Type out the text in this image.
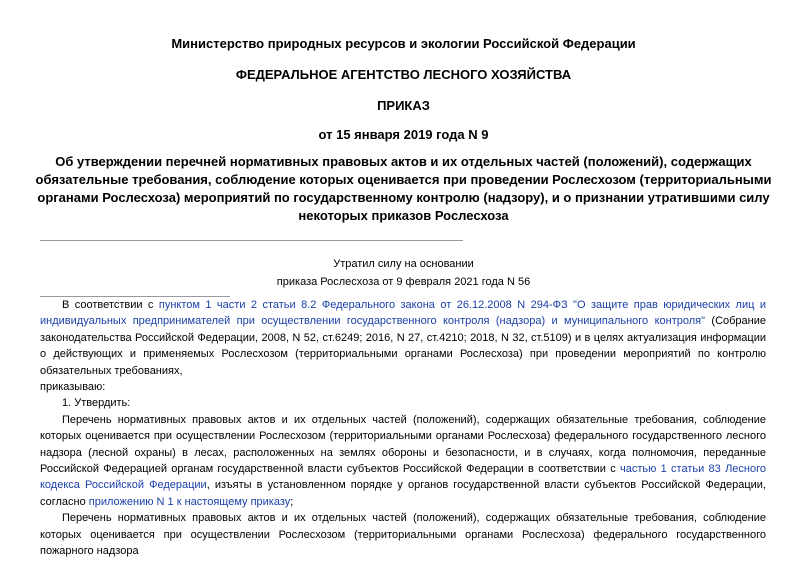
Министерство природных ресурсов и экологии Российской Федерации
ФЕДЕРАЛЬНОЕ АГЕНТСТВО ЛЕСНОГО ХОЗЯЙСТВА
ПРИКАЗ
от 15 января 2019 года N 9
Об утверждении перечней нормативных правовых актов и их отдельных частей (положений), содержащих обязательные требования, соблюдение которых оценивается при проведении Рослесхозом (территориальными органами Рослесхоза) мероприятий по государственному контролю (надзору), и о признании утратившими силу некоторых приказов Рослесхоза
Утратил силу на основании
приказа Рослесхоза от 9 февраля 2021 года N 56

В соответствии с пунктом 1 части 2 статьи 8.2 Федерального закона от 26.12.2008 N 294-ФЗ "О защите прав юридических лиц и индивидуальных предпринимателей при осуществлении государственного контроля (надзора) и муниципального контроля" (Собрание законодательства Российской Федерации, 2008, N 52, ст.6249; 2016, N 27, ст.4210; 2018, N 32, ст.5109) и в целях актуализация информации о действующих и применяемых Рослесхозом (территориальными органами Рослесхоза) при проведении мероприятий по контролю обязательных требованиях,

приказываю:

1. Утвердить:

Перечень нормативных правовых актов и их отдельных частей (положений), содержащих обязательные требования, соблюдение которых оценивается при осуществлении Рослесхозом (территориальными органами Рослесхоза) федерального государственного лесного надзора (лесной охраны) в лесах, расположенных на землях обороны и безопасности, и в случаях, когда полномочия, переданные Российской Федерацией органам государственной власти субъектов Российской Федерации в соответствии с частью 1 статьи 83 Лесного кодекса Российской Федерации, изъяты в установленном порядке у органов государственной власти субъектов Российской Федерации, согласно приложению N 1 к настоящему приказу;

Перечень нормативных правовых актов и их отдельных частей (положений), содержащих обязательные требования, соблюдение которых оценивается при осуществлении Рослесхозом (территориальными органами Рослесхоза) федерального государственного пожарного надзора
